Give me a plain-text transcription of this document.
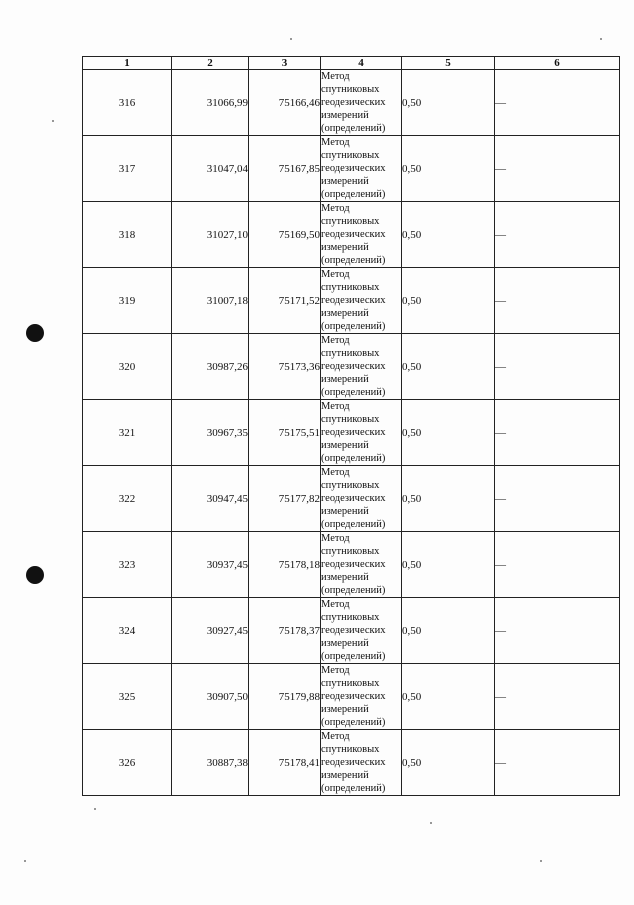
1	2	3	4	5	6
316	31066,99	75166,46	Метод
спутниковых
геодезических
измерений
(определений)	0,50	—
317	31047,04	75167,85	Метод
спутниковых
геодезических
измерений
(определений)	0,50	—
318	31027,10	75169,50	Метод
спутниковых
геодезических
измерений
(определений)	0,50	—
319	31007,18	75171,52	Метод
спутниковых
геодезических
измерений
(определений)	0,50	—
320	30987,26	75173,36	Метод
спутниковых
геодезических
измерений
(определений)	0,50	—
321	30967,35	75175,51	Метод
спутниковых
геодезических
измерений
(определений)	0,50	—
322	30947,45	75177,82	Метод
спутниковых
геодезических
измерений
(определений)	0,50	—
323	30937,45	75178,18	Метод
спутниковых
геодезических
измерений
(определений)	0,50	—
324	30927,45	75178,37	Метод
спутниковых
геодезических
измерений
(определений)	0,50	—
325	30907,50	75179,88	Метод
спутниковых
геодезических
измерений
(определений)	0,50	—
326	30887,38	75178,41	Метод
спутниковых
геодезических
измерений
(определений)	0,50	—
